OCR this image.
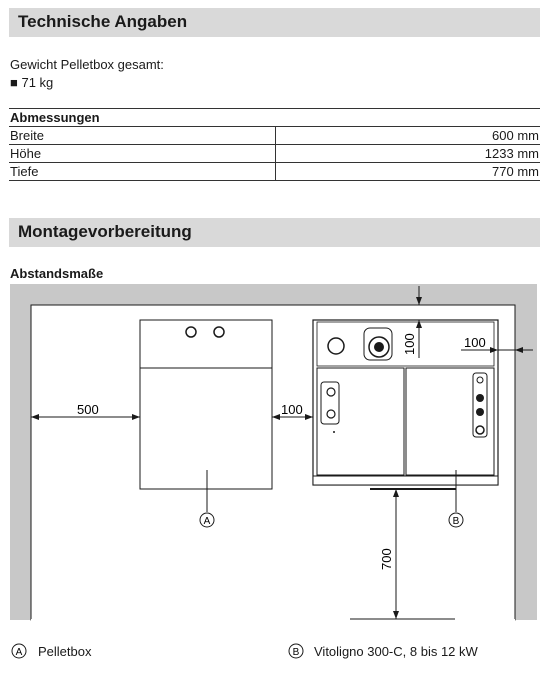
Technische Angaben
Gewicht Pelletbox gesamt:
■ 71 kg
Abmessungen	
Breite	600 mm
Höhe	1233 mm
Tiefe	770 mm
Montagevorbereitung
Abstandsmaße
500	100
100	100
700
A	B
A	B
Pelletbox	Vitoligno 300-C, 8 bis 12 kW
